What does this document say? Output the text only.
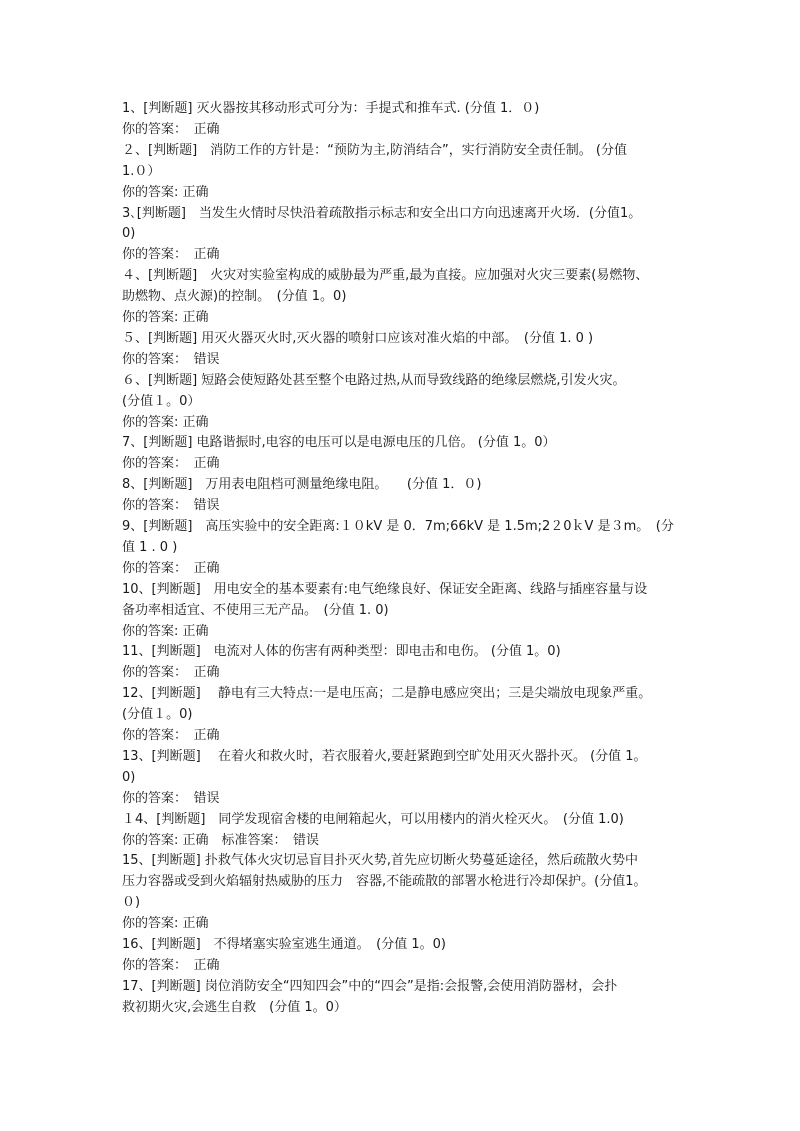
1、[判断题] 灭火器按其移动形式可分为：手提式和推车式. (分值 1．０)
你的答案：　正确
２、[判断题]　消防工作的方针是：“预防为主,防消结合”，实行消防安全责任制。 (分值
1.０）
你的答案: 正确
3､[判断题]　当发生火情时尽快沿着疏散指示标志和安全出口方向迅速离开火场．(分值1。
0)
你的答案：　正确
４、[判断题]　火灾对实验室构成的威胁最为严重,最为直接。应加强对火灾三要素(易燃物、
助燃物、点火源)的控制。　(分值 1。0)
你的答案: 正确
５、[判断题] 用灭火器灭火时,灭火器的喷射口应该对准火焰的中部。　(分值 1. 0 )
你的答案：　错误
６、[判断题] 短路会使短路处甚至整个电路过热,从而导致线路的绝缘层燃烧,引发火灾。
(分值１。0）
你的答案: 正确
7、[判断题] 电路谐振时,电容的电压可以是电源电压的几倍。 (分值 1。0）
你的答案：　正确
8、[判断题]　万用表电阻档可测量绝缘电阻。　　(分值 1．０)
你的答案：　错误
9、[判断题]　高压实验中的安全距离:１０kV 是 0．7m;66kV 是 1.5m;2２0ｋV 是３m。　(分
值 1 . 0 )
你的答案：　正确
10、[判断题]　用电安全的基本要素有:电气绝缘良好、保证安全距离、线路与插座容量与设
备功率相适宜、不使用三无产品。　(分值 1. 0)
你的答案: 正确
11、[判断题]　电流对人体的伤害有两种类型：即电击和电伤。 (分值 1。0)
你的答案：　正确
12、[判断题]　 静电有三大特点:一是电压高；二是静电感应突出；三是尖端放电现象严重。
(分值１。0)
你的答案：　正确
13、[判断题]　 在着火和救火时，若衣服着火,要赶紧跑到空旷处用灭火器扑灭。 (分值 1。
0)
你的答案：　错误
１4、[判断题]　同学发现宿舍楼的电闸箱起火，可以用楼内的消火栓灭火。　(分值 1.0)
你的答案: 正确　标准答案：　错误
15、[判断题] 扑救气体火灾切忌盲目扑灭火势,首先应切断火势蔓延途径，然后疏散火势中
压力容器或受到火焰辐射热威胁的压力　容器,不能疏散的部署水枪进行冷却保护。(分值1。
０)
你的答案: 正确
16、[判断题]　不得堵塞实验室逃生通道。　(分值 1。0)
你的答案：　正确
17、[判断题] 岗位消防安全“四知四会”中的“四会”是指:会报警,会使用消防器材，会扑
救初期火灾,会逃生自救　(分值 1。0）
